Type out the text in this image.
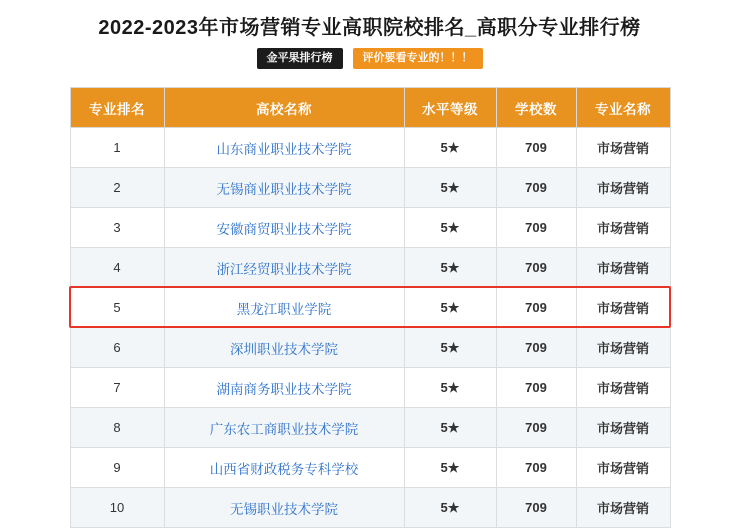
2022-2023年市场营销专业高职院校排名_高职分专业排行榜
金平果排行榜	评价要看专业的！！！
专业排名	高校名称	水平等级	学校数	专业名称
1	山东商业职业技术学院	5★	709	市场营销
2	无锡商业职业技术学院	5★	709	市场营销
3	安徽商贸职业技术学院	5★	709	市场营销
4	浙江经贸职业技术学院	5★	709	市场营销
5	黑龙江职业学院	5★	709	市场营销
6	深圳职业技术学院	5★	709	市场营销
7	湖南商务职业技术学院	5★	709	市场营销
8	广东农工商职业技术学院	5★	709	市场营销
9	山西省财政税务专科学校	5★	709	市场营销
10	无锡职业技术学院	5★	709	市场营销
